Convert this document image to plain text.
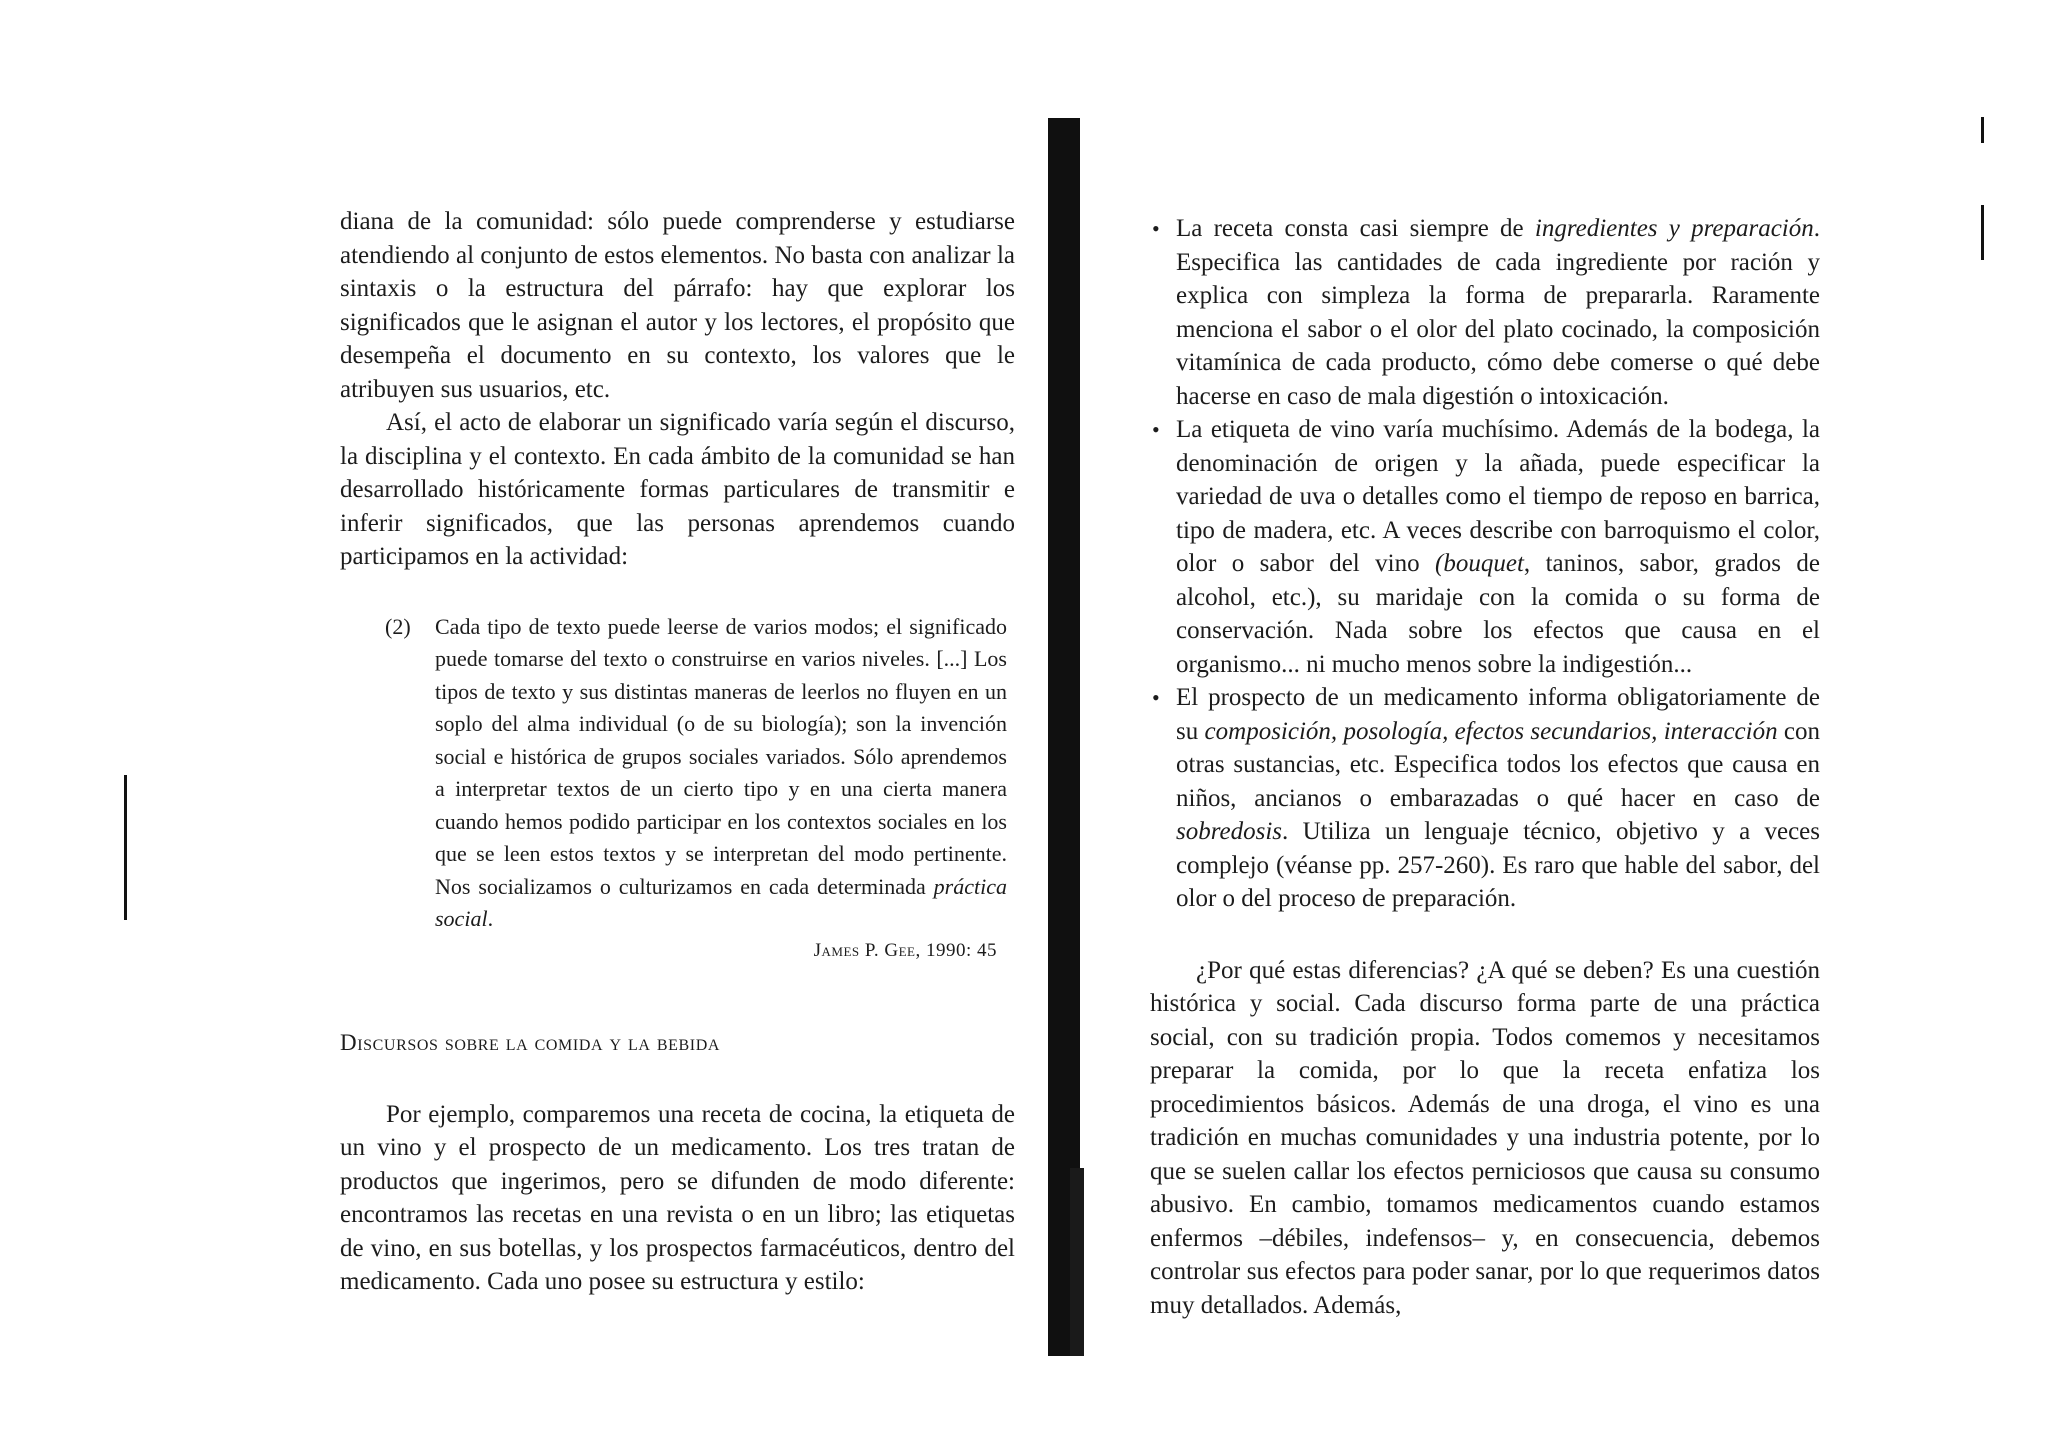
diana de la comunidad: sólo puede comprenderse y estudiarse atendiendo al conjunto de estos elementos. No basta con analizar la sintaxis o la estructura del párrafo: hay que explorar los significados que le asignan el autor y los lectores, el propósito que desempeña el documento en su contexto, los valores que le atribuyen sus usuarios, etc.

Así, el acto de elaborar un significado varía según el discurso, la disciplina y el contexto. En cada ámbito de la comunidad se han desarrollado históricamente formas particulares de transmitir e inferir significados, que las personas aprendemos cuando participamos en la actividad:

(2) Cada tipo de texto puede leerse de varios modos; el significado puede tomarse del texto o construirse en varios niveles. [...] Los tipos de texto y sus distintas maneras de leerlos no fluyen en un soplo del alma individual (o de su biología); son la invención social e histórica de grupos sociales variados. Sólo aprendemos a interpretar textos de un cierto tipo y en una cierta manera cuando hemos podido participar en los contextos sociales en los que se leen estos textos y se interpretan del modo pertinente. Nos socializamos o culturizamos en cada determinada práctica social.
James P. Gee, 1990: 45
Discursos sobre la comida y la bebida

Por ejemplo, comparemos una receta de cocina, la etiqueta de un vino y el prospecto de un medicamento. Los tres tratan de productos que ingerimos, pero se difunden de modo diferente: encontramos las recetas en una revista o en un libro; las etiquetas de vino, en sus botellas, y los prospectos farmacéuticos, dentro del medicamento. Cada uno posee su estructura y estilo:

• La receta consta casi siempre de ingredientes y preparación. Especifica las cantidades de cada ingrediente por ración y explica con simpleza la forma de prepararla. Raramente menciona el sabor o el olor del plato cocinado, la composición vitamínica de cada producto, cómo debe comerse o qué debe hacerse en caso de mala digestión o intoxicación.

• La etiqueta de vino varía muchísimo. Además de la bodega, la denominación de origen y la añada, puede especificar la variedad de uva o detalles como el tiempo de reposo en barrica, tipo de madera, etc. A veces describe con barroquismo el color, olor o sabor del vino (bouquet, taninos, sabor, grados de alcohol, etc.), su maridaje con la comida o su forma de conservación. Nada sobre los efectos que causa en el organismo... ni mucho menos sobre la indigestión...

• El prospecto de un medicamento informa obligatoriamente de su composición, posología, efectos secundarios, interacción con otras sustancias, etc. Especifica todos los efectos que causa en niños, ancianos o embarazadas o qué hacer en caso de sobredosis. Utiliza un lenguaje técnico, objetivo y a veces complejo (véanse pp. 257-260). Es raro que hable del sabor, del olor o del proceso de preparación.

¿Por qué estas diferencias? ¿A qué se deben? Es una cuestión histórica y social. Cada discurso forma parte de una práctica social, con su tradición propia. Todos comemos y necesitamos preparar la comida, por lo que la receta enfatiza los procedimientos básicos. Además de una droga, el vino es una tradición en muchas comunidades y una industria potente, por lo que se suelen callar los efectos perniciosos que causa su consumo abusivo. En cambio, tomamos medicamentos cuando estamos enfermos –débiles, indefensos– y, en consecuencia, debemos controlar sus efectos para poder sanar, por lo que requerimos datos muy detallados. Además,
